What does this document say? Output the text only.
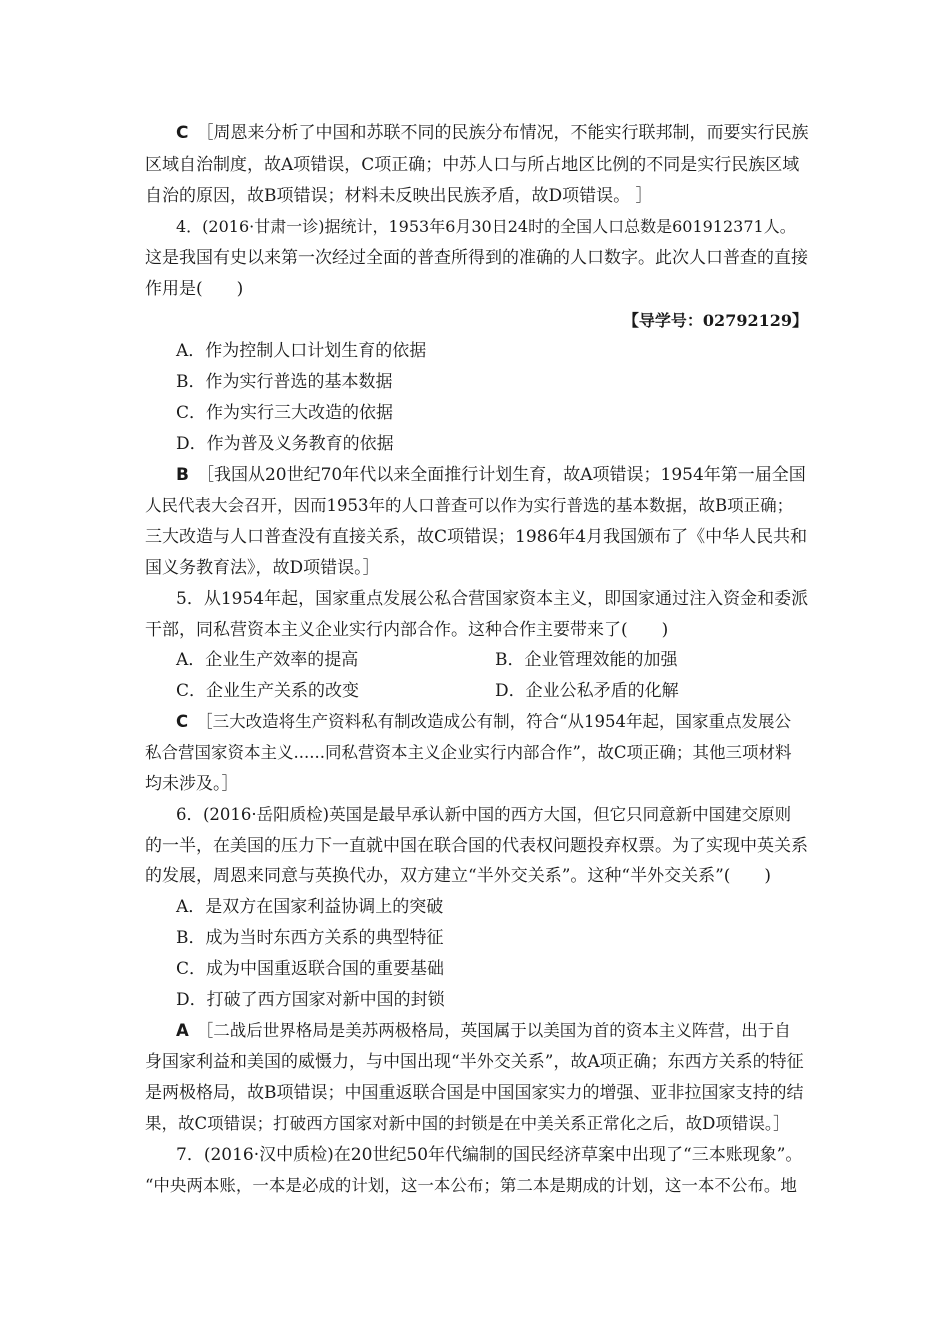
C ［周恩来分析了中国和苏联不同的民族分布情况，不能实行联邦制，而要实行民族
区域自治制度，故A项错误，C项正确；中苏人口与所占地区比例的不同是实行民族区域
自治的原因，故B项错误；材料未反映出民族矛盾，故D项错误。 ］
4．(2016·甘肃一诊)据统计，1953年6月30日24时的全国人口总数是601912371人。
这是我国有史以来第一次经过全面的普查所得到的准确的人口数字。此次人口普查的直接
作用是(　　)
【导学号：02792129】
A．作为控制人口计划生育的依据
B．作为实行普选的基本数据
C．作为实行三大改造的依据
D．作为普及义务教育的依据
B ［我国从20世纪70年代以来全面推行计划生育，故A项错误；1954年第一届全国
人民代表大会召开，因而1953年的人口普查可以作为实行普选的基本数据，故B项正确；
三大改造与人口普查没有直接关系，故C项错误；1986年4月我国颁布了《中华人民共和
国义务教育法》，故D项错误。］
5．从1954年起，国家重点发展公私合营国家资本主义，即国家通过注入资金和委派
干部，同私营资本主义企业实行内部合作。这种合作主要带来了(　　)
A．企业生产效率的提高	B．企业管理效能的加强
C．企业生产关系的改变	D．企业公私矛盾的化解
C ［三大改造将生产资料私有制改造成公有制，符合“从1954年起，国家重点发展公
私合营国家资本主义......同私营资本主义企业实行内部合作”，故C项正确；其他三项材料
均未涉及。］
6．(2016·岳阳质检)英国是最早承认新中国的西方大国，但它只同意新中国建交原则
的一半，在美国的压力下一直就中国在联合国的代表权问题投弃权票。为了实现中英关系
的发展，周恩来同意与英换代办，双方建立“半外交关系”。这种“半外交关系”(　　)
A．是双方在国家利益协调上的突破
B．成为当时东西方关系的典型特征
C．成为中国重返联合国的重要基础
D．打破了西方国家对新中国的封锁
A ［二战后世界格局是美苏两极格局，英国属于以美国为首的资本主义阵营，出于自
身国家利益和美国的威慑力，与中国出现“半外交关系”，故A项正确；东西方关系的特征
是两极格局，故B项错误；中国重返联合国是中国国家实力的增强、亚非拉国家支持的结
果，故C项错误；打破西方国家对新中国的封锁是在中美关系正常化之后，故D项错误。］
7．(2016·汉中质检)在20世纪50年代编制的国民经济草案中出现了“三本账现象”。
“中央两本账，一本是必成的计划，这一本公布；第二本是期成的计划，这一本不公布。地
